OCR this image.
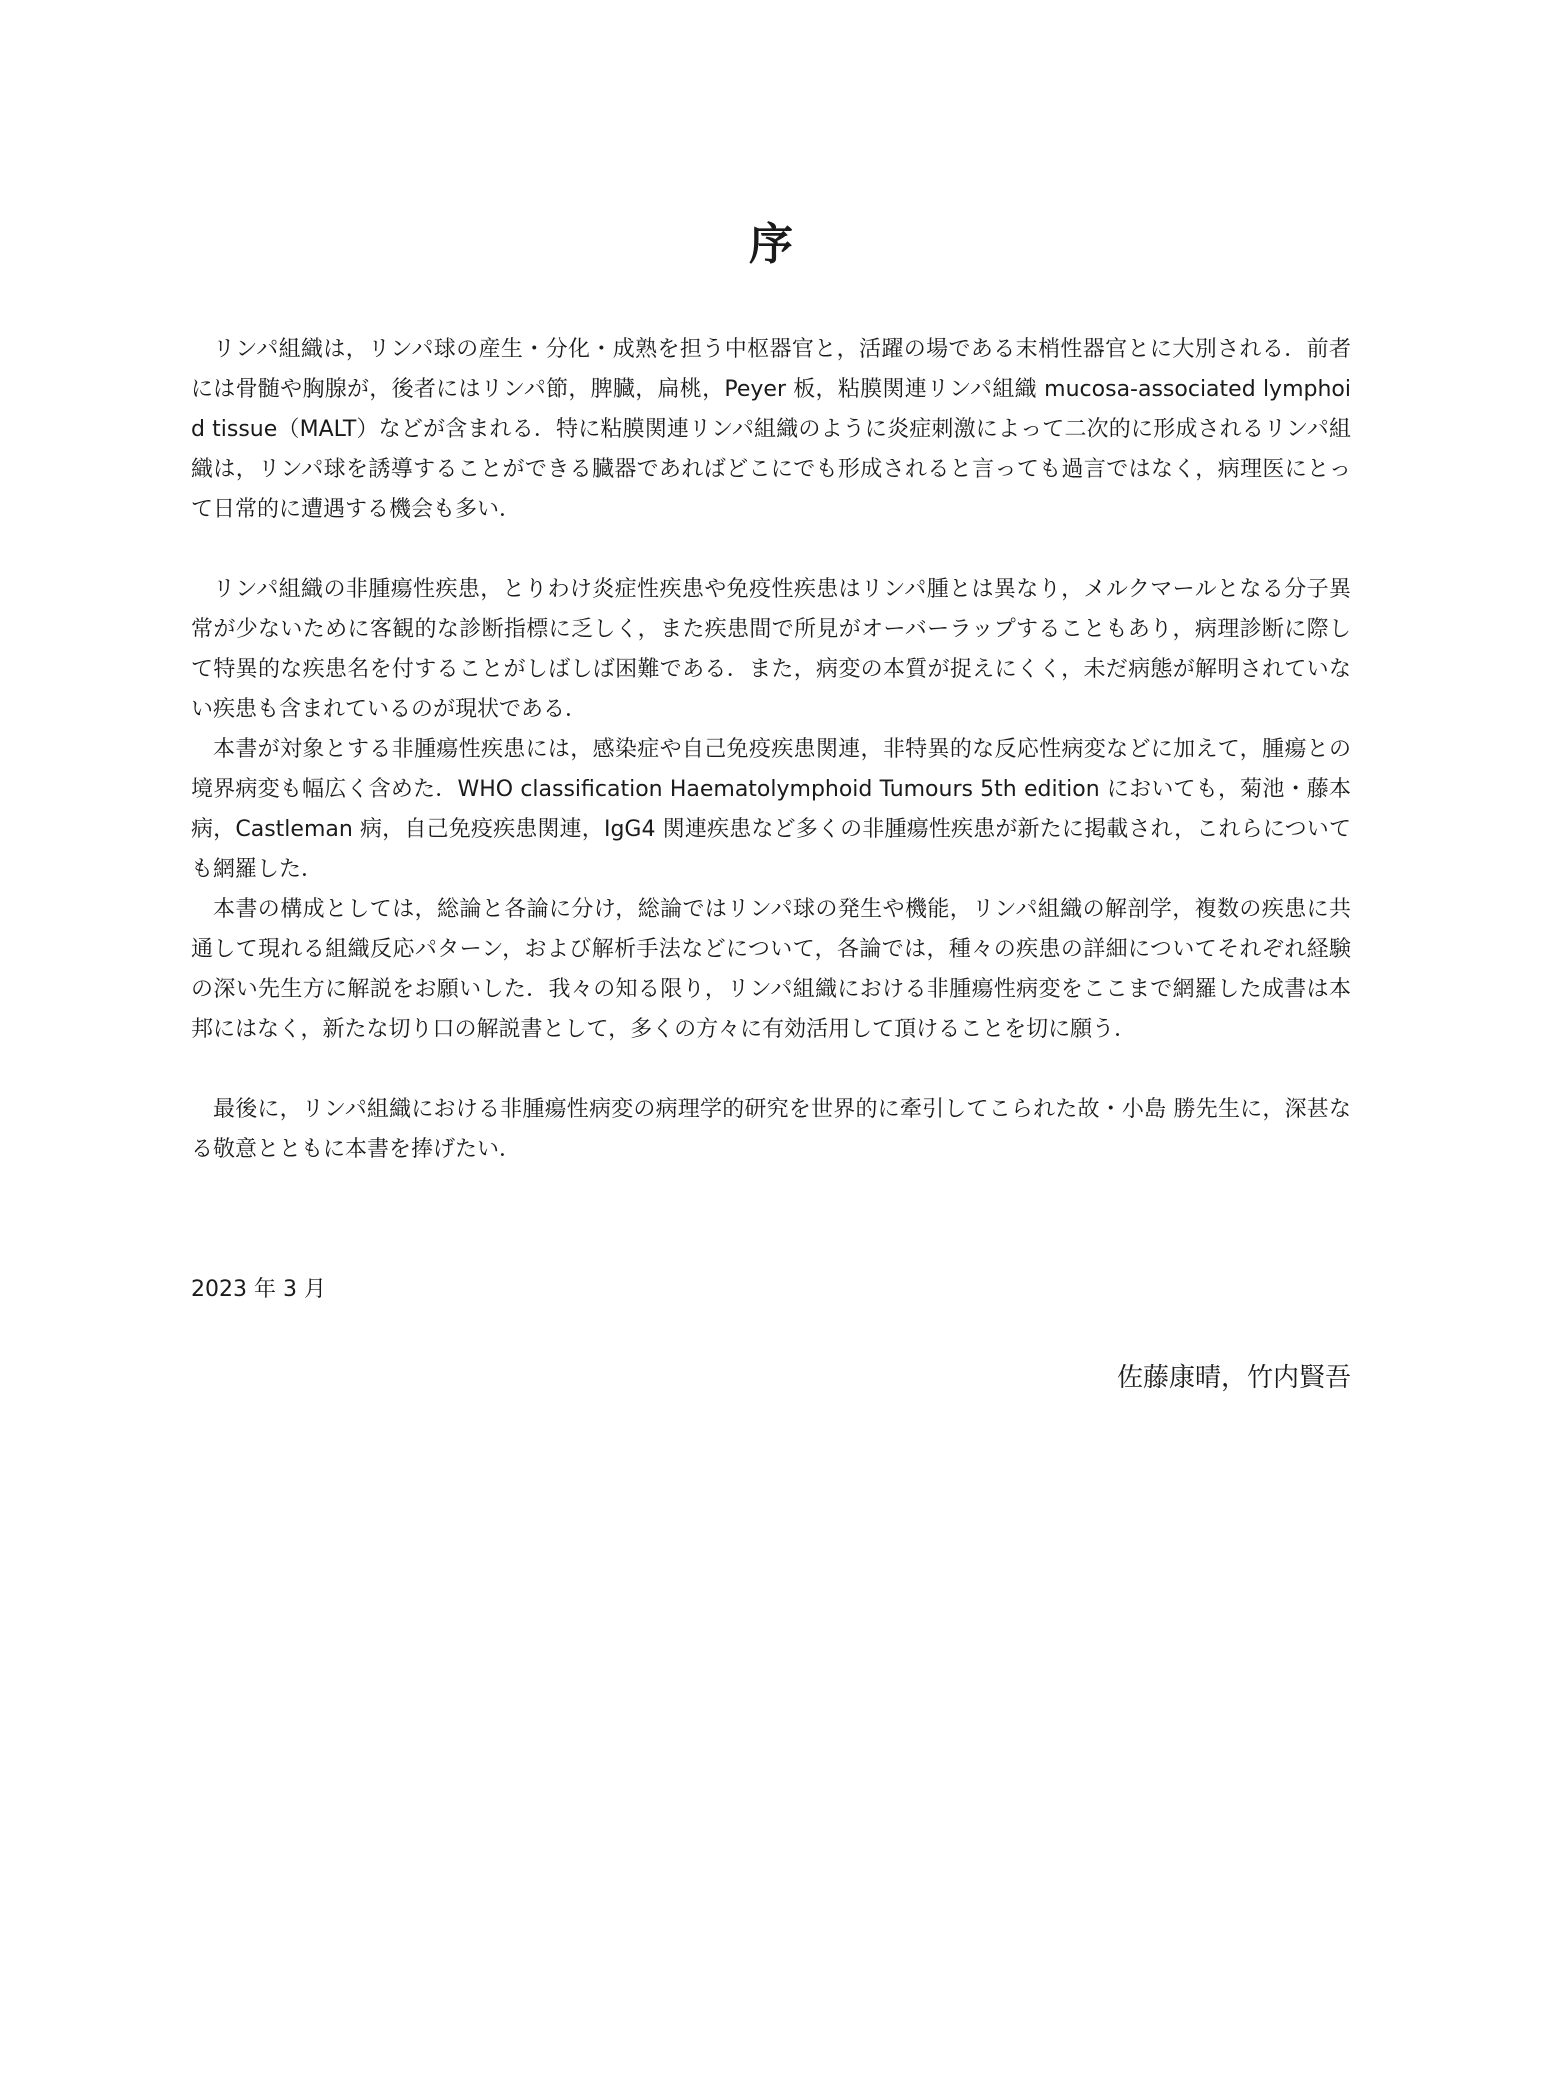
序

リンパ組織は，リンパ球の産生・分化・成熟を担う中枢器官と，活躍の場である末梢性器官とに大別される．前者には骨髄や胸腺が，後者にはリンパ節，脾臓，扁桃，Peyer 板，粘膜関連リンパ組織 mucosa-associated lymphoid tissue（MALT）などが含まれる．特に粘膜関連リンパ組織のように炎症刺激によって二次的に形成されるリンパ組織は，リンパ球を誘導することができる臓器であればどこにでも形成されると言っても過言ではなく，病理医にとって日常的に遭遇する機会も多い．

リンパ組織の非腫瘍性疾患，とりわけ炎症性疾患や免疫性疾患はリンパ腫とは異なり，メルクマールとなる分子異常が少ないために客観的な診断指標に乏しく，また疾患間で所見がオーバーラップすることもあり，病理診断に際して特異的な疾患名を付することがしばしば困難である．また，病変の本質が捉えにくく，未だ病態が解明されていない疾患も含まれているのが現状である．

本書が対象とする非腫瘍性疾患には，感染症や自己免疫疾患関連，非特異的な反応性病変などに加えて，腫瘍との境界病変も幅広く含めた．WHO classification Haematolymphoid Tumours 5th edition においても，菊池・藤本病，Castleman 病，自己免疫疾患関連，IgG4 関連疾患など多くの非腫瘍性疾患が新たに掲載され，これらについても網羅した．

本書の構成としては，総論と各論に分け，総論ではリンパ球の発生や機能，リンパ組織の解剖学，複数の疾患に共通して現れる組織反応パターン，および解析手法などについて，各論では，種々の疾患の詳細についてそれぞれ経験の深い先生方に解説をお願いした．我々の知る限り，リンパ組織における非腫瘍性病変をここまで網羅した成書は本邦にはなく，新たな切り口の解説書として，多くの方々に有効活用して頂けることを切に願う．

最後に，リンパ組織における非腫瘍性病変の病理学的研究を世界的に牽引してこられた故・小島 勝先生に，深甚なる敬意とともに本書を捧げたい．

2023 年 3 月

佐藤康晴，竹内賢吾
